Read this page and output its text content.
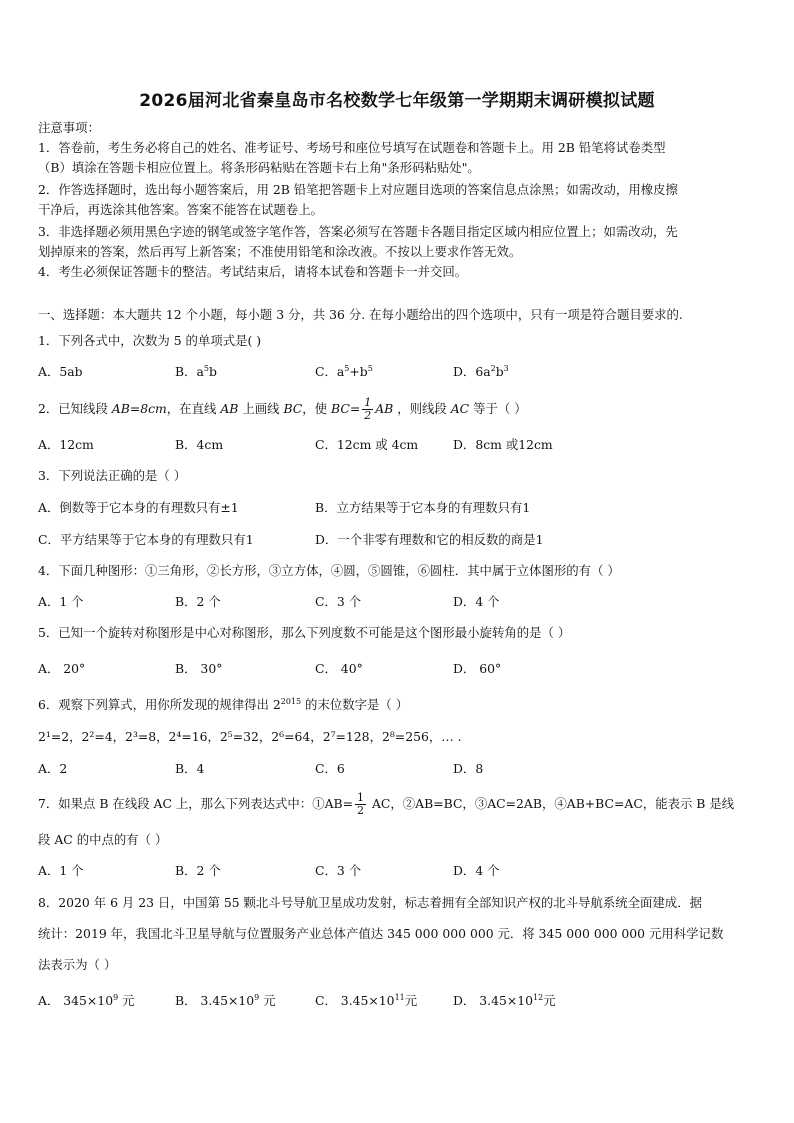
2026届河北省秦皇岛市名校数学七年级第一学期期末调研模拟试题
注意事项：
1．答卷前，考生务必将自己的姓名、准考证号、考场号和座位号填写在试题卷和答题卡上。用 2B 铅笔将试卷类型
（B）填涂在答题卡相应位置上。将条形码粘贴在答题卡右上角"条形码粘贴处"。
2．作答选择题时，选出每小题答案后，用 2B 铅笔把答题卡上对应题目选项的答案信息点涂黑；如需改动，用橡皮擦
干净后，再选涂其他答案。答案不能答在试题卷上。
3．非选择题必须用黑色字迹的钢笔或签字笔作答，答案必须写在答题卡各题目指定区域内相应位置上；如需改动，先
划掉原来的答案，然后再写上新答案；不准使用铅笔和涂改液。不按以上要求作答无效。
4．考生必须保证答题卡的整洁。考试结束后，请将本试卷和答题卡一并交回。
一、选择题：本大题共 12 个小题，每小题 3 分，共 36 分. 在每小题给出的四个选项中，只有一项是符合题目要求的.
1．下列各式中，次数为 5 的单项式是( )
A．5ab	B．$a^5b$	C．$a^5+b^5$	D．$6a^2b^3$
2．已知线段 AB=8cm，在直线 AB 上画线 BC，使 $BC= \frac{1}{2}$ AB ，则线段 AC 等于（ ）
A．12cm	B．4cm	C．12cm 或 4cm	D．8cm 或12cm
3．下列说法正确的是（ ）
A．倒数等于它本身的有理数只有±1	B．立方结果等于它本身的有理数只有1
C．平方结果等于它本身的有理数只有1	D．一个非零有理数和它的相反数的商是1
4．下面几种图形：①三角形，②长方形，③立方体，④圆，⑤圆锥，⑥圆柱．其中属于立体图形的有（ ）
A．1 个	B．2 个	C．3 个	D．4 个
5．已知一个旋转对称图形是中心对称图形，那么下列度数不可能是这个图形最小旋转角的是（ ）
A． 20°	B． 30°	C． 40°	D． 60°
6．观察下列算式，用你所发现的规律得出 $2^{2015}$ 的末位数字是（ ）
2¹=2，2²=4，2³=8，2⁴=16，2⁵=32，2⁶=64，2⁷=128，2⁸=256，… .
A．2	B．4	C．6	D．8
7．如果点 B 在线段 AC 上，那么下列表达式中：①AB= $\frac{1}{2}$ AC，②AB=BC，③AC=2AB，④AB+BC=AC，能表示 B 是线
段 AC 的中点的有（ ）
A．1 个	B．2 个	C．3 个	D．4 个
8．2020 年 6 月 23 日，中国第 55 颗北斗号导航卫星成功发射，标志着拥有全部知识产权的北斗导航系统全面建成．据
统计：2019 年，我国北斗卫星导航与位置服务产业总体产值达 345 000 000 000 元．将 345 000 000 000 元用科学记数
法表示为（ ）
A． $345\times 10^9$ 元	B． $3.45\times 10^9$ 元	C． $3.45\times 10^{11}$元	D． $3.45\times 10^{12}$元
